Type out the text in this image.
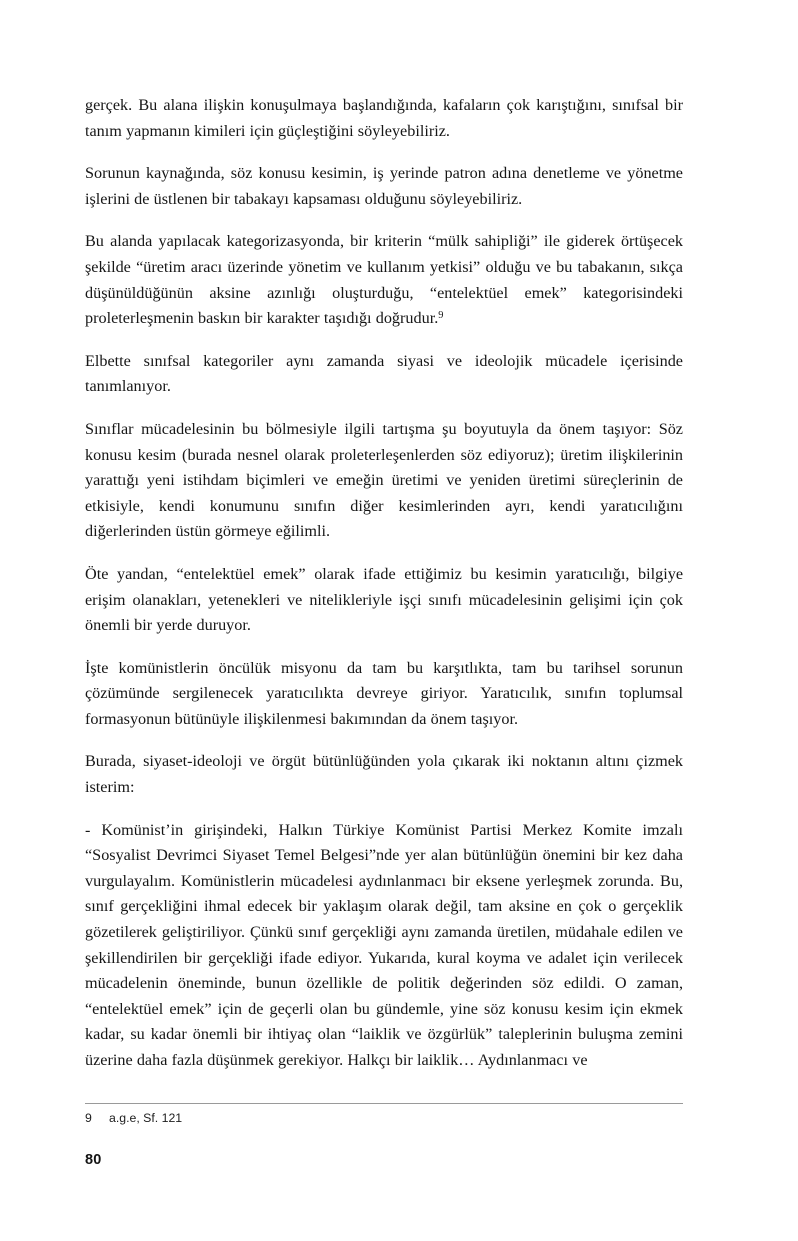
gerçek. Bu alana ilişkin konuşulmaya başlandığında, kafaların çok karıştığını, sınıfsal bir tanım yapmanın kimileri için güçleştiğini söyleyebiliriz.

Sorunun kaynağında, söz konusu kesimin, iş yerinde patron adına denetleme ve yönetme işlerini de üstlenen bir tabakayı kapsaması olduğunu söyleyebiliriz.

Bu alanda yapılacak kategorizasyonda, bir kriterin “mülk sahipliği” ile giderek örtüşecek şekilde “üretim aracı üzerinde yönetim ve kullanım yetkisi” olduğu ve bu tabakanın, sıkça düşünüldüğünün aksine azınlığı oluşturduğu, “entelektüel emek” kategorisindeki proleterleşmenin baskın bir karakter taşıdığı doğrudur.$^9$

Elbette sınıfsal kategoriler aynı zamanda siyasi ve ideolojik mücadele içerisinde tanımlanıyor.

Sınıflar mücadelesinin bu bölmesiyle ilgili tartışma şu boyutuyla da önem taşıyor: Söz konusu kesim (burada nesnel olarak proleterleşenlerden söz ediyoruz); üretim ilişkilerinin yarattığı yeni istihdam biçimleri ve emeğin üretimi ve yeniden üretimi süreçlerinin de etkisiyle, kendi konumunu sınıfın diğer kesimlerinden ayrı, kendi yaratıcılığını diğerlerinden üstün görmeye eğilimli.

Öte yandan, “entelektüel emek” olarak ifade ettiğimiz bu kesimin yaratıcılığı, bilgiye erişim olanakları, yetenekleri ve nitelikleriyle işçi sınıfı mücadelesinin gelişimi için çok önemli bir yerde duruyor.

İşte komünistlerin öncülük misyonu da tam bu karşıtlıkta, tam bu tarihsel sorunun çözümünde sergilenecek yaratıcılıkta devreye giriyor. Yaratıcılık, sınıfın toplumsal formasyonun bütünüyle ilişkilenmesi bakımından da önem taşıyor.

Burada, siyaset-ideoloji ve örgüt bütünlüğünden yola çıkarak iki noktanın altını çizmek isterim:

- Komünist’in girişindeki, Halkın Türkiye Komünist Partisi Merkez Komite imzalı “Sosyalist Devrimci Siyaset Temel Belgesi”nde yer alan bütünlüğün önemini bir kez daha vurgulayalım. Komünistlerin mücadelesi aydınlanmacı bir eksene yerleşmek zorunda. Bu, sınıf gerçekliğini ihmal edecek bir yaklaşım olarak değil, tam aksine en çok o gerçeklik gözetilerek geliştiriliyor. Çünkü sınıf gerçekliği aynı zamanda üretilen, müdahale edilen ve şekillendirilen bir gerçekliği ifade ediyor. Yukarıda, kural koyma ve adalet için verilecek mücadelenin öneminde, bunun özellikle de politik değerinden söz edildi. O zaman, “entelektüel emek” için de geçerli olan bu gündemle, yine söz konusu kesim için ekmek kadar, su kadar önemli bir ihtiyaç olan “laiklik ve özgürlük” taleplerinin buluşma zemini üzerine daha fazla düşünmek gerekiyor. Halkçı bir laiklik… Aydınlanmacı ve

9 a.g.e, Sf. 121

80
